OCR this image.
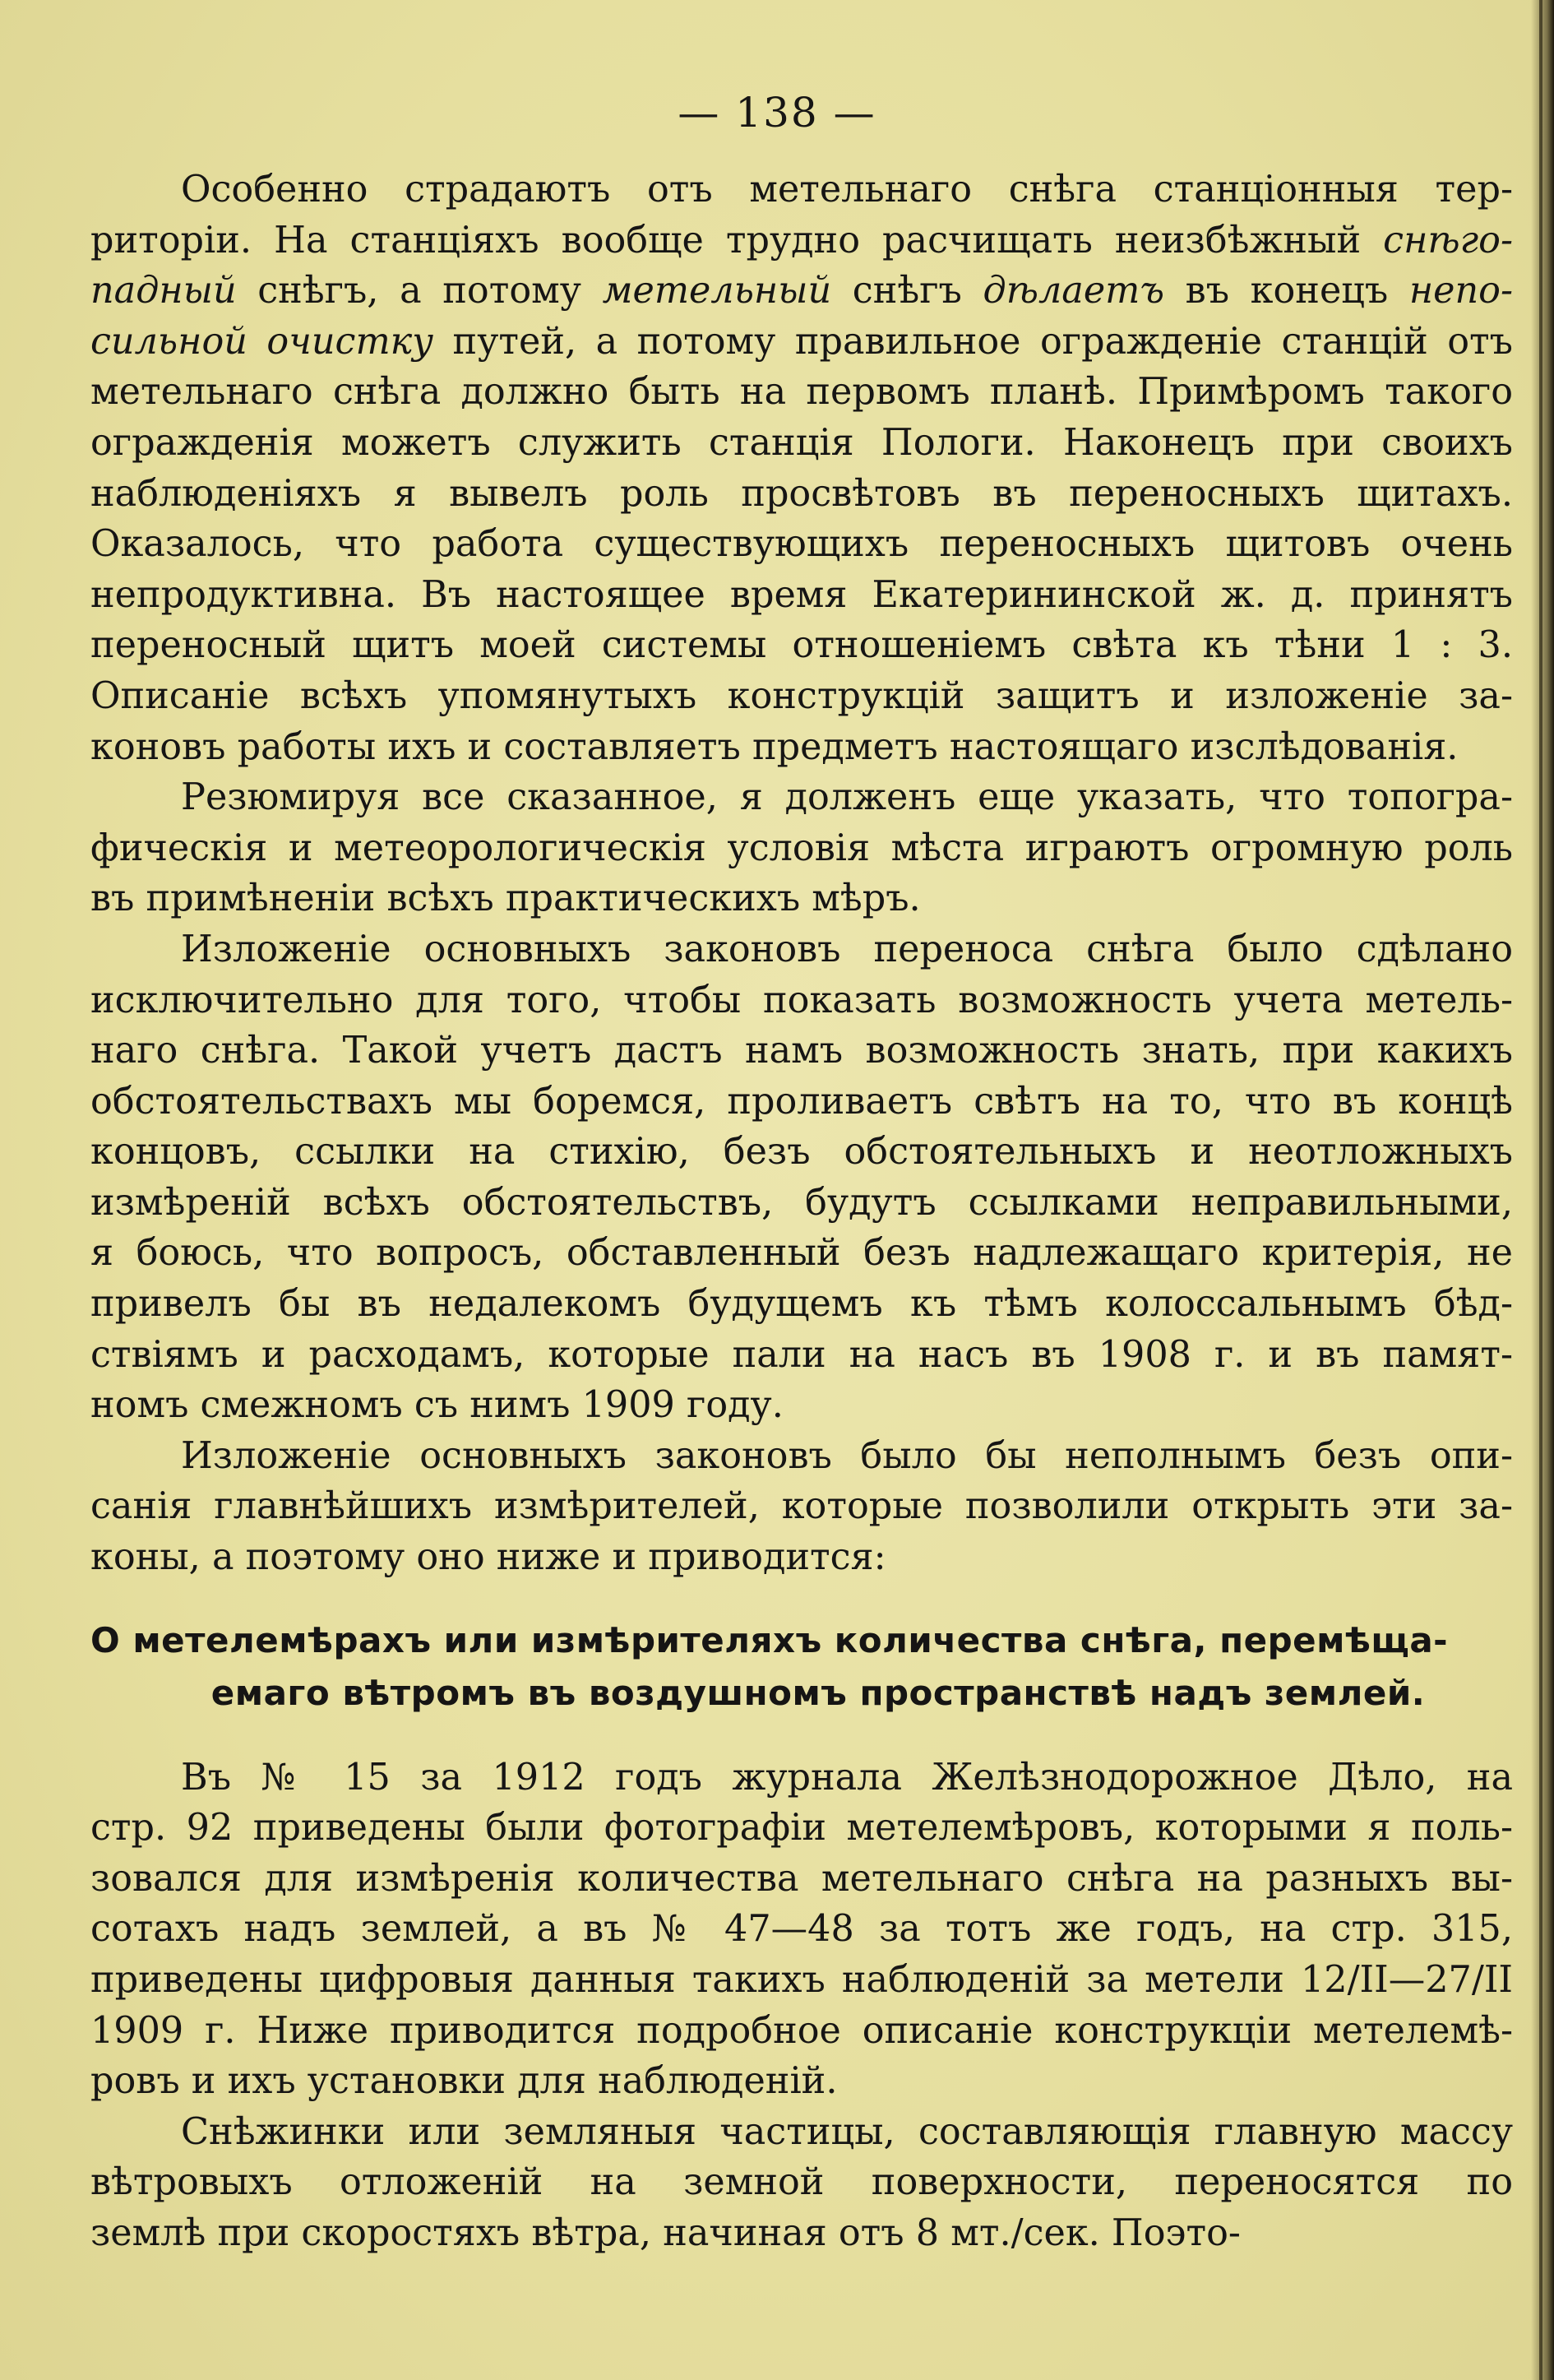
— 138 —

Особенно страдаютъ отъ метельнаго снѣга станціонныя тер-
риторіи. На станціяхъ вообще трудно расчищать неизбѣжный снѣго-
падный снѣгъ, а потому метельный снѣгъ дѣлаетъ въ конецъ непо-
сильной очистку путей, а потому правильное огражденіе станцій отъ
метельнаго снѣга должно быть на первомъ планѣ. Примѣромъ такого
огражденія можетъ служить станція Пологи. Наконецъ при своихъ
наблюденіяхъ я вывелъ роль просвѣтовъ въ переносныхъ щитахъ.
Оказалось, что работа существующихъ переносныхъ щитовъ очень
непродуктивна. Въ настоящее время Екатерининской ж. д. принятъ
переносный щитъ моей системы отношеніемъ свѣта къ тѣни 1 : 3.
Описаніе всѣхъ упомянутыхъ конструкцій защитъ и изложеніе за-
коновъ работы ихъ и составляетъ предметъ настоящаго изслѣдованія.

Резюмируя все сказанное, я долженъ еще указать, что топогра-
фическія и метеорологическія условія мѣста играютъ огромную роль
въ примѣненіи всѣхъ практическихъ мѣръ.

Изложеніе основныхъ законовъ переноса снѣга было сдѣлано
исключительно для того, чтобы показать возможность учета метель-
наго снѣга. Такой учетъ дастъ намъ возможность знать, при какихъ
обстоятельствахъ мы боремся, проливаетъ свѣтъ на то, что въ концѣ
концовъ, ссылки на стихію, безъ обстоятельныхъ и неотложныхъ
измѣреній всѣхъ обстоятельствъ, будутъ ссылками неправильными,
я боюсь, что вопросъ, обставленный безъ надлежащаго критерія, не
привелъ бы въ недалекомъ будущемъ къ тѣмъ колоссальнымъ бѣд-
ствіямъ и расходамъ, которые пали на насъ въ 1908 г. и въ памят-
номъ смежномъ съ нимъ 1909 году.

Изложеніе основныхъ законовъ было бы неполнымъ безъ опи-
санія главнѣйшихъ измѣрителей, которые позволили открыть эти за-
коны, а поэтому оно ниже и приводится:

О метелемѣрахъ или измѣрителяхъ количества снѣга, перемѣща-
емаго вѣтромъ въ воздушномъ пространствѣ надъ землей.

Въ № 15 за 1912 годъ журнала Желѣзнодорожное Дѣло, на
стр. 92 приведены были фотографіи метелемѣровъ, которыми я поль-
зовался для измѣренія количества метельнаго снѣга на разныхъ вы-
сотахъ надъ землей, а въ № 47—48 за тотъ же годъ, на стр. 315,
приведены цифровыя данныя такихъ наблюденій за метели 12/II—27/II
1909 г. Ниже приводится подробное описаніе конструкціи метелемѣ-
ровъ и ихъ установки для наблюденій.

Снѣжинки или земляныя частицы, составляющія главную массу
вѣтровыхъ отложеній на земной поверхности, переносятся по
землѣ при скоростяхъ вѣтра, начиная отъ 8 мт./сек. Поэто-
